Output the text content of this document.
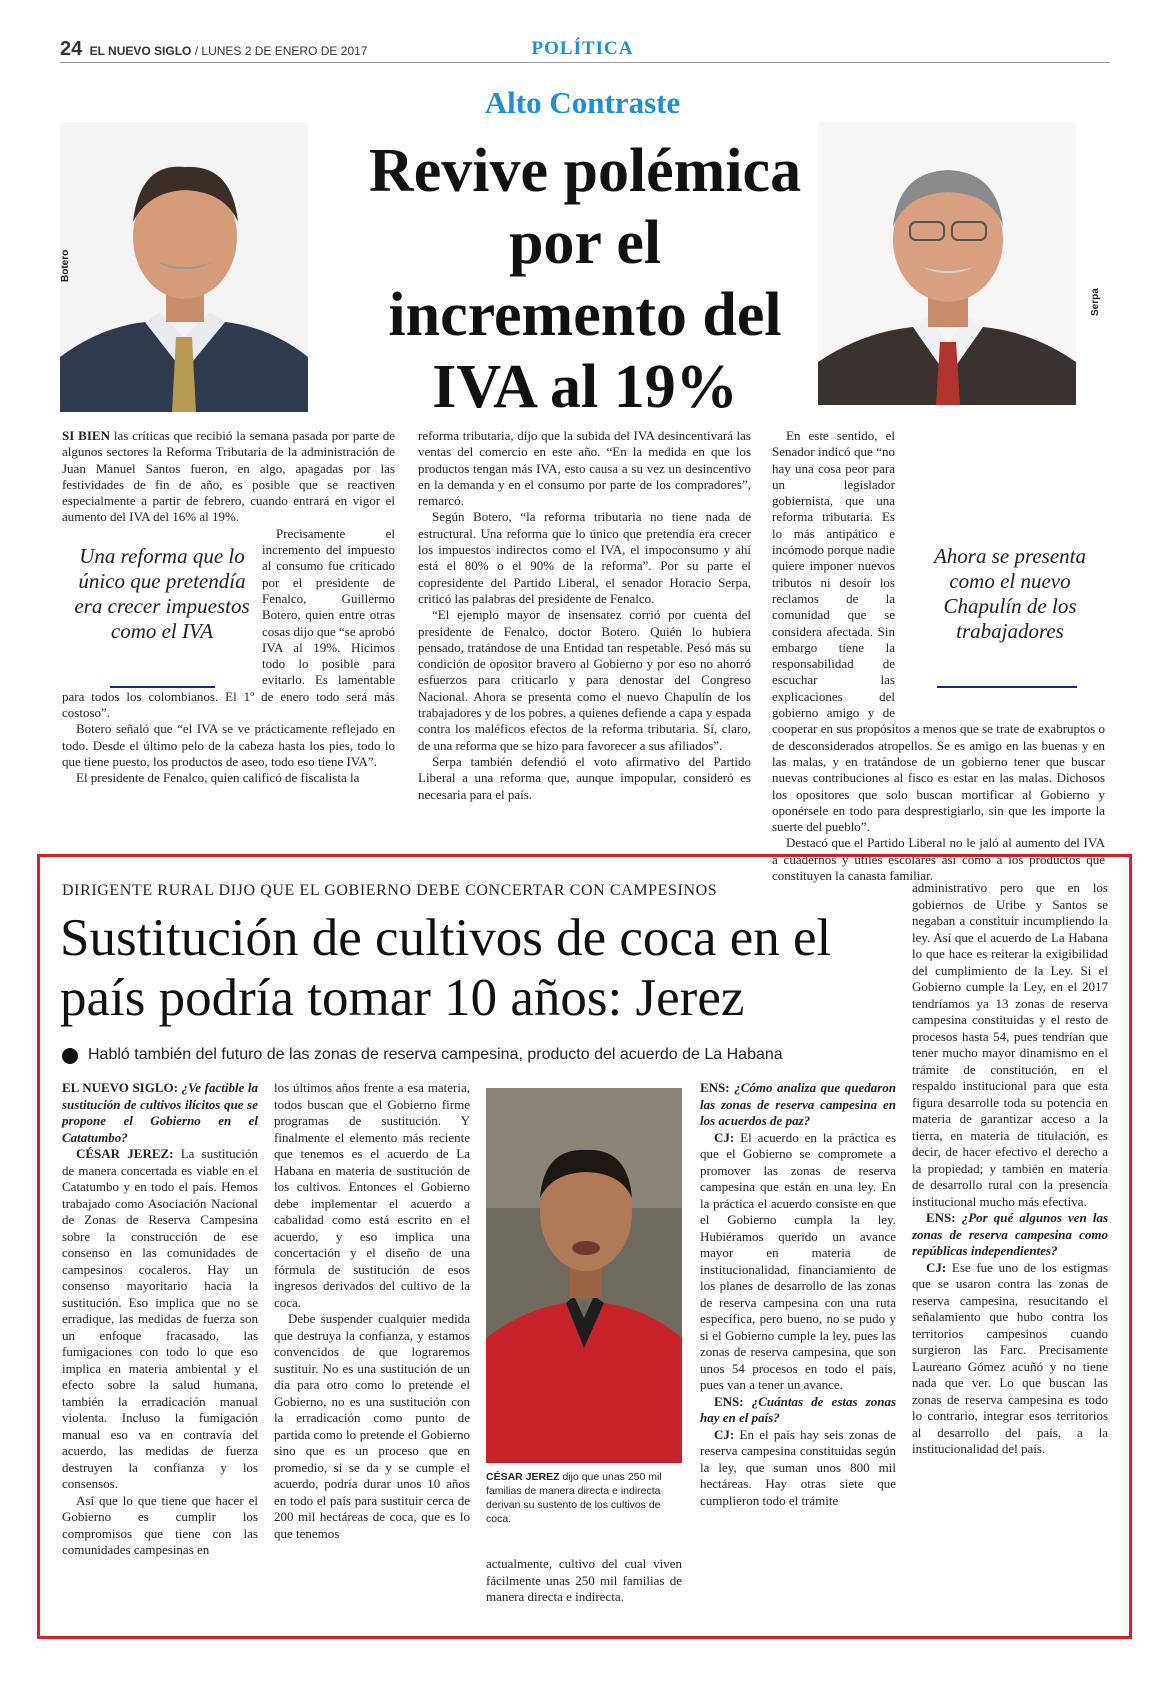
24 EL NUEVO SIGLO / LUNES 2 DE ENERO DE 2017	POLÍTICA
Alto Contraste
Revive polémica por el incremento del IVA al 19%
Botero
Serpa

SI BIEN las críticas que recibió la semana pasada por parte de algunos sectores la Reforma Tributaria de la administración de Juan Manuel Santos fueron, en algo, apagadas por las festividades de fin de año, es posible que se reactiven especialmente a partir de febrero, cuando entrará en vigor el aumento del IVA del 16% al 19%.

Precisamente el incremento del impuesto al consumo fue criticado por el presidente de Fenalco, Guillermo Botero, quien entre otras cosas dijo que “se aprobó IVA al 19%. Hicimos todo lo posible para evitarlo. Es lamentable para todos los colombianos. El 1º de enero todo será más costoso”.

Botero señaló que “el IVA se ve prácticamente reflejado en todo. Desde el último pelo de la cabeza hasta los pies, todo lo que tiene puesto, los productos de aseo, todo eso tiene IVA”.

El presidente de Fenalco, quien calificó de fiscalista la

Una reforma que lo único que pretendía era crecer impuestos como el IVA

reforma tributaria, dijo que la subida del IVA desincentivará las ventas del comercio en este año. “En la medida en que los productos tengan más IVA, esto causa a su vez un desincentivo en la demanda y en el consumo por parte de los compradores”, remarcó.

Según Botero, “la reforma tributaria no tiene nada de estructural. Una reforma que lo único que pretendía era crecer los impuestos indirectos como el IVA, el impoconsumo y ahí está el 80% o el 90% de la reforma”. Por su parte el copresidente del Partido Liberal, el senador Horacio Serpa, criticó las palabras del presidente de Fenalco.

“El ejemplo mayor de insensatez corrió por cuenta del presidente de Fenalco, doctor Botero. Quién lo hubiera pensado, tratándose de una Entidad tan respetable. Pesó más su condición de opositor bravero al Gobierno y por eso no ahorró esfuerzos para criticarlo y para denostar del Congreso Nacional. Ahora se presenta como el nuevo Chapulín de los trabajadores y de los pobres, a quienes defiende a capa y espada contra los maléficos efectos de la reforma tributaria. Sí, claro, de una reforma que se hizo para favorecer a sus afiliados”.

Serpa también defendió el voto afirmativo del Partido Liberal a una reforma que, aunque impopular, consideró es necesaria para el país.

En este sentido, el Senador indicó que “no hay una cosa peor para un legislador gobiernista, que una reforma tributaria. Es lo más antipático e incómodo porque nadie quiere imponer nuevos tributos ni desoír los reclamos de la comunidad que se considera afectada. Sin embargo tiene la responsabilidad de escuchar las explicaciones del gobierno amigo y de cooperar en sus propósitos a menos que se trate de exabruptos o de desconsiderados atropellos. Se es amigo en las buenas y en las malas, y en tratándose de un gobierno tener que buscar nuevas contribuciones al fisco es estar en las malas. Dichosos los opositores que solo buscan mortificar al Gobierno y oponérsele en todo para desprestigiarlo, sin que les importe la suerte del pueblo”.

Destacó que el Partido Liberal no le jaló al aumento del IVA a cuadernos y útiles escolares así como a los productos que constituyen la canasta familiar.

Ahora se presenta como el nuevo Chapulín de los trabajadores
DIRIGENTE RURAL DIJO QUE EL GOBIERNO DEBE CONCERTAR CON CAMPESINOS
Sustitución de cultivos de coca en el país podría tomar 10 años: Jerez
Habló también del futuro de las zonas de reserva campesina, producto del acuerdo de La Habana

EL NUEVO SIGLO: ¿Ve factible la sustitución de cultivos ilícitos que se propone el Gobierno en el Catatumbo?

CÉSAR JEREZ: La sustitución de manera concertada es viable en el Catatumbo y en todo el país. Hemos trabajado como Asociación Nacional de Zonas de Reserva Campesina sobre la construcción de ese consenso en las comunidades de campesinos cocaleros. Hay un consenso mayoritario hacia la sustitución. Eso implica que no se erradique, las medidas de fuerza son un enfoque fracasado, las fumigaciones con todo lo que eso implica en materia ambiental y el efecto sobre la salud humana, también la erradicación manual violenta. Incluso la fumigación manual eso va en contravía del acuerdo, las medidas de fuerza destruyen la confianza y los consensos.

Así que lo que tiene que hacer el Gobierno es cumplir los compromisos que tiene con las comunidades campesinas en

los últimos años frente a esa materia, todos buscan que el Gobierno firme programas de sustitución. Y finalmente el elemento más reciente que tenemos es el acuerdo de La Habana en materia de sustitución de los cultivos. Entonces el Gobierno debe implementar el acuerdo a cabalidad como está escrito en el acuerdo, y eso implica una concertación y el diseño de una fórmula de sustitución de esos ingresos derivados del cultivo de la coca.

Debe suspender cualquier medida que destruya la confianza, y estamos convencidos de que lograremos sustituir. No es una sustitución de un día para otro como lo pretende el Gobierno, no es una sustitución con la erradicación como punto de partida como lo pretende el Gobierno sino que es un proceso que en promedio, si se da y se cumple el acuerdo, podría durar unos 10 años en todo el país para sustituir cerca de 200 mil hectáreas de coca, que es lo que tenemos

CÉSAR JEREZ dijo que unas 250 mil familias de manera directa e indirecta derivan su sustento de los cultivos de coca.

actualmente, cultivo del cual viven fácilmente unas 250 mil familias de manera directa e indirecta.

ENS: ¿Cómo analiza que quedaron las zonas de reserva campesina en los acuerdos de paz?

CJ: El acuerdo en la práctica es que el Gobierno se compromete a promover las zonas de reserva campesina que están en una ley. En la práctica el acuerdo consiste en que el Gobierno cumpla la ley. Hubiéramos querido un avance mayor en materia de institucionalidad, financiamiento de los planes de desarrollo de las zonas de reserva campesina con una ruta específica, pero bueno, no se pudo y si el Gobierno cumple la ley, pues las zonas de reserva campesina, que son unos 54 procesos en todo el país, pues van a tener un avance.

ENS: ¿Cuántas de estas zonas hay en el país?

CJ: En el país hay seis zonas de reserva campesina constituidas según la ley, que suman unos 800 mil hectáreas. Hay otras siete que cumplieron todo el trámite

administrativo pero que en los gobiernos de Uribe y Santos se negaban a constituir incumpliendo la ley. Así que el acuerdo de La Habana lo que hace es reiterar la exigibilidad del cumplimiento de la Ley. Si el Gobierno cumple la Ley, en el 2017 tendríamos ya 13 zonas de reserva campesina constituidas y el resto de procesos hasta 54, pues tendrían que tener mucho mayor dinamismo en el trámite de constitución, en el respaldo institucional para que esta figura desarrolle toda su potencia en materia de garantizar acceso a la tierra, en materia de titulación, es decir, de hacer efectivo el derecho a la propiedad; y también en materia de desarrollo rural con la presencia institucional mucho más efectiva.

ENS: ¿Por qué algunos ven las zonas de reserva campesina como repúblicas independientes?

CJ: Ese fue uno de los estigmas que se usaron contra las zonas de reserva campesina, resucitando el señalamiento que hubo contra los territorios campesinos cuando surgieron las Farc. Precisamente Laureano Gómez acuñó y no tiene nada que ver. Lo que buscan las zonas de reserva campesina es todo lo contrario, integrar esos territorios al desarrollo del país, a la institucionalidad del país.
